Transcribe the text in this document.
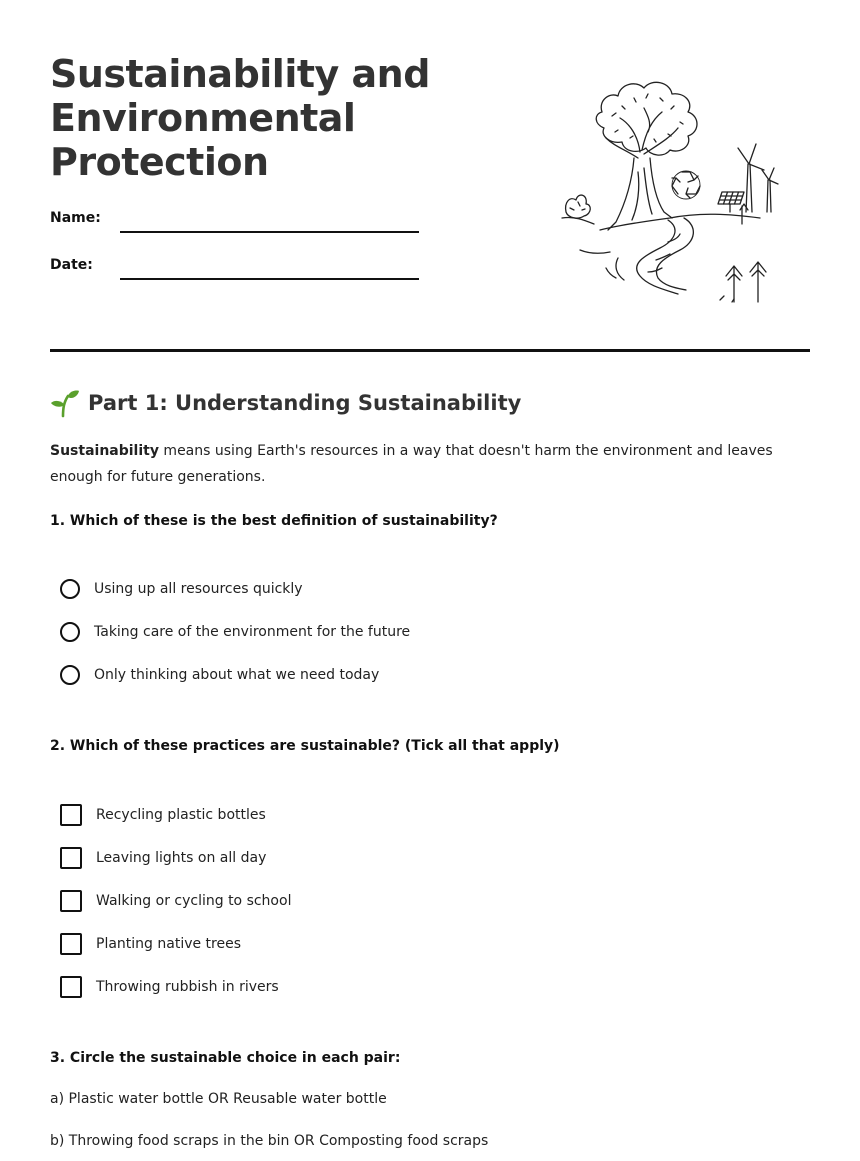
Sustainability and
Environmental
Protection
Name:
Date:
Part 1: Understanding Sustainability
Sustainability means using Earth's resources in a way that doesn't harm the environment and leaves enough for future generations.
1. Which of these is the best definition of sustainability?
Using up all resources quickly
Taking care of the environment for the future
Only thinking about what we need today
2. Which of these practices are sustainable? (Tick all that apply)
Recycling plastic bottles
Leaving lights on all day
Walking or cycling to school
Planting native trees
Throwing rubbish in rivers
3. Circle the sustainable choice in each pair:
a) Plastic water bottle OR Reusable water bottle
b) Throwing food scraps in the bin OR Composting food scraps
